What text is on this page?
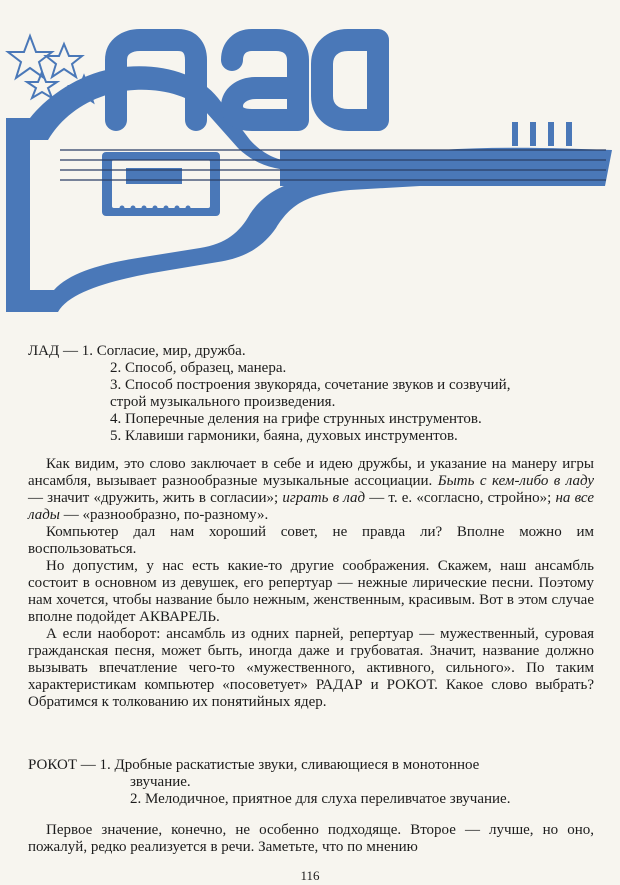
ЛАД — 1. Согласие, мир, дружба.
2. Способ, образец, манера.
3. Способ построения звукоряда, сочетание звуков и созвучий,
строй музыкального произведения.
4. Поперечные деления на грифе струнных инструментов.
5. Клавиши гармоники, баяна, духовых инструментов.

Как видим, это слово заключает в себе и идею дружбы, и указание на манеру игры ансамбля, вызывает разнообразные музыкальные ассоциации. Быть с кем-либо в ладу — значит «дружить, жить в согласии»; играть в лад — т. е. «согласно, стройно»; на все лады — «разнообразно, по-разному».

Компьютер дал нам хороший совет, не правда ли? Вполне можно им воспользоваться.

Но допустим, у нас есть какие-то другие соображения. Скажем, наш ансамбль состоит в основном из девушек, его репертуар — нежные лирические песни. Поэтому нам хочется, чтобы название было нежным, женственным, красивым. Вот в этом случае вполне подойдет АКВАРЕЛЬ.

А если наоборот: ансамбль из одних парней, репертуар — мужественный, суровая гражданская песня, может быть, иногда даже и грубоватая. Значит, название должно вызывать впечатление чего-то «мужественного, активного, сильного». По таким характеристикам компьютер «посоветует» РАДАР и РОКОТ. Какое слово выбрать? Обратимся к толкованию их понятийных ядер.

РОКОТ — 1. Дробные раскатистые звуки, сливающиеся в монотонное
звучание.
2. Мелодичное, приятное для слуха переливчатое звучание.

Первое значение, конечно, не особенно подходяще. Второе — лучше, но оно, пожалуй, редко реализуется в речи. Заметьте, что по мнению

116
